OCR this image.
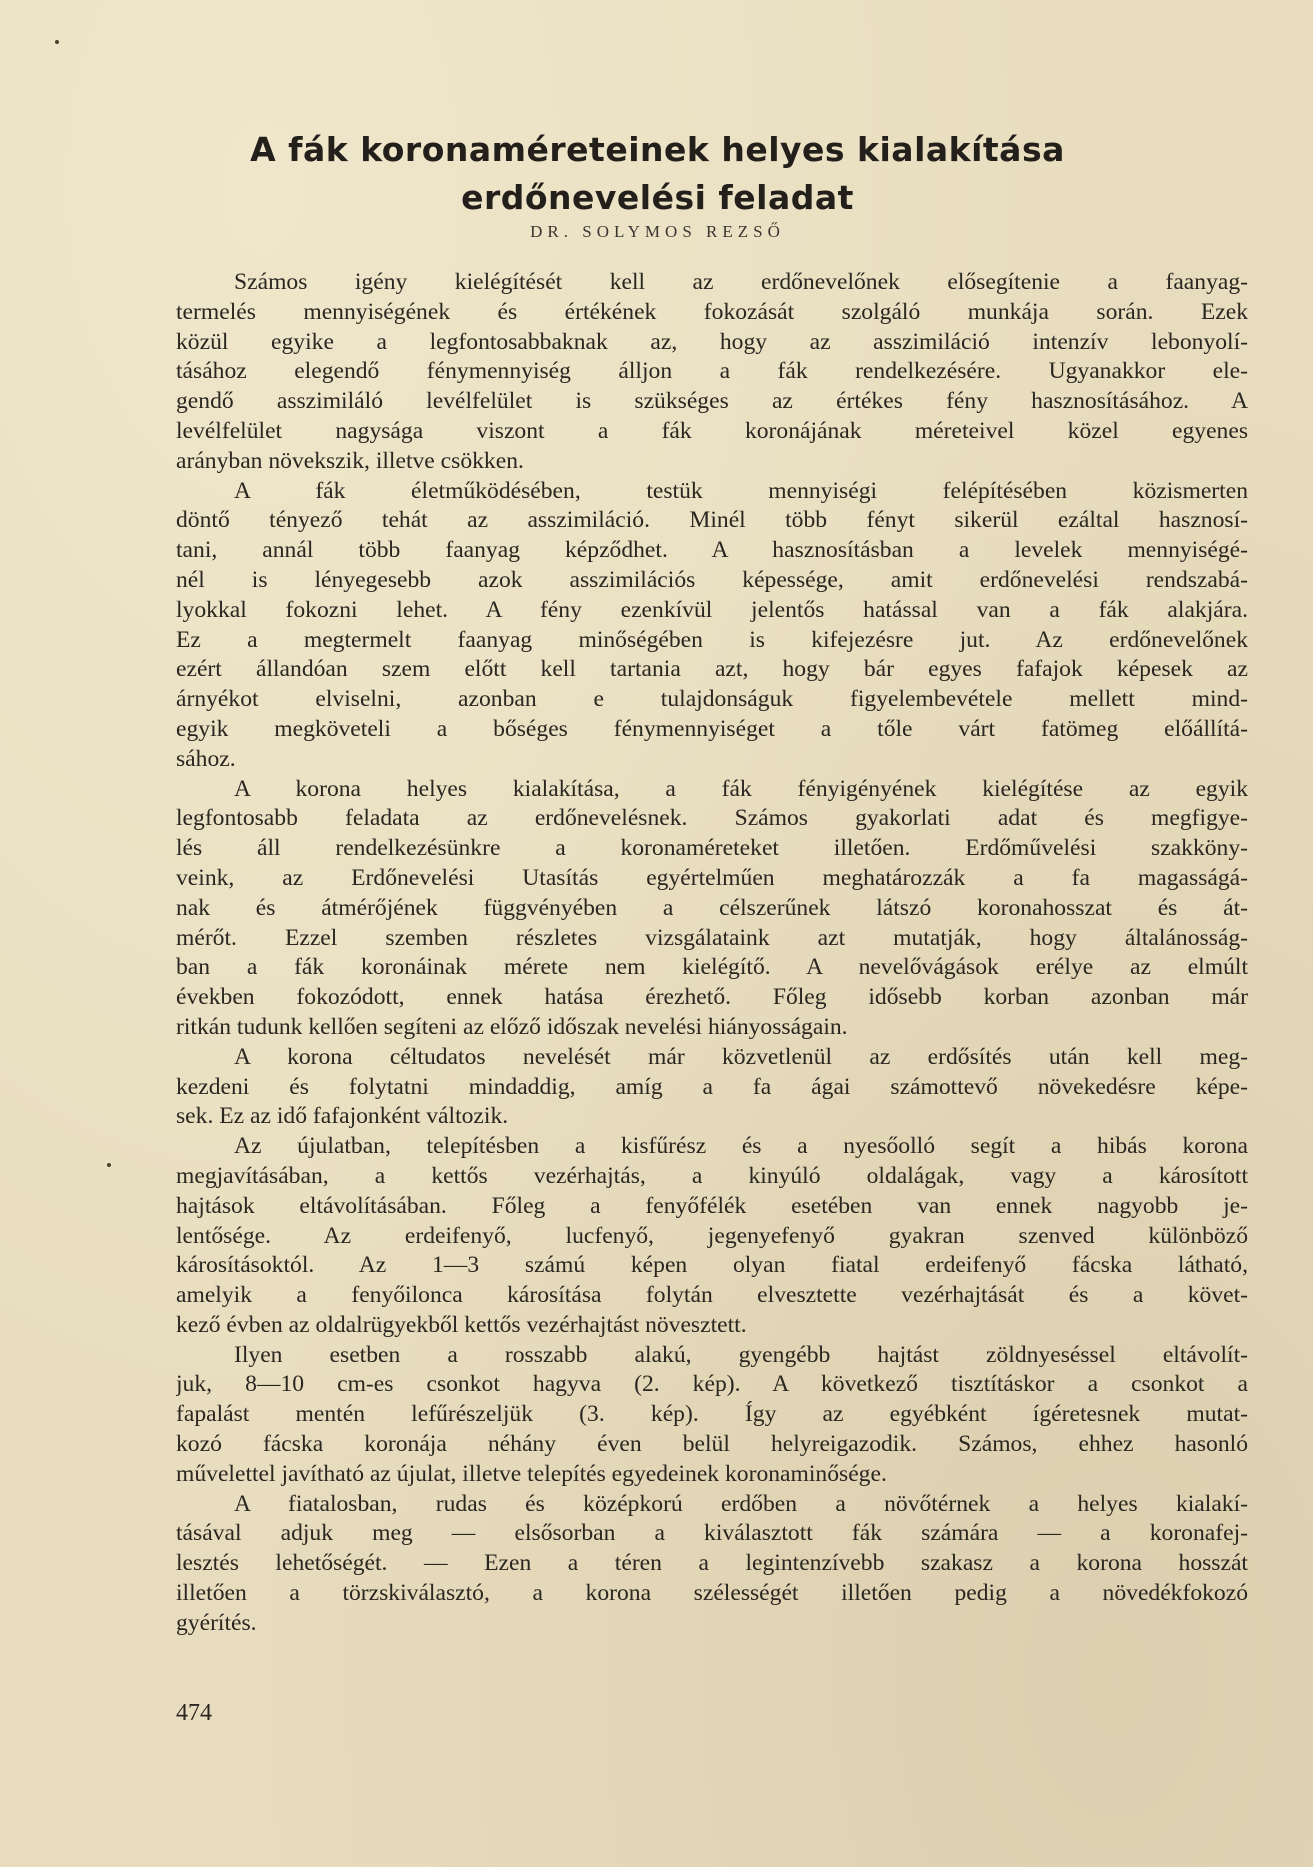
A fák koronaméreteinek helyes kialakítása
erdőnevelési feladat
DR. SOLYMOS REZSŐ
Számos igény kielégítését kell az erdőnevelőnek elősegítenie a faanyag-
termelés mennyiségének és értékének fokozását szolgáló munkája során. Ezek
közül egyike a legfontosabbaknak az, hogy az asszimiláció intenzív lebonyolí-
tásához elegendő fénymennyiség álljon a fák rendelkezésére. Ugyanakkor ele-
gendő asszimiláló levélfelület is szükséges az értékes fény hasznosításához. A
levélfelület nagysága viszont a fák koronájának méreteivel közel egyenes
arányban növekszik, illetve csökken.
A fák életműködésében, testük mennyiségi felépítésében közismerten
döntő tényező tehát az asszimiláció. Minél több fényt sikerül ezáltal hasznosí-
tani, annál több faanyag képződhet. A hasznosításban a levelek mennyiségé-
nél is lényegesebb azok asszimilációs képessége, amit erdőnevelési rendszabá-
lyokkal fokozni lehet. A fény ezenkívül jelentős hatással van a fák alakjára.
Ez a megtermelt faanyag minőségében is kifejezésre jut. Az erdőnevelőnek
ezért állandóan szem előtt kell tartania azt, hogy bár egyes fafajok képesek az
árnyékot elviselni, azonban e tulajdonságuk figyelembevétele mellett mind-
egyik megköveteli a bőséges fénymennyiséget a tőle várt fatömeg előállítá-
sához.
A korona helyes kialakítása, a fák fényigényének kielégítése az egyik
legfontosabb feladata az erdőnevelésnek. Számos gyakorlati adat és megfigye-
lés áll rendelkezésünkre a koronaméreteket illetően. Erdőművelési szakköny-
veink, az Erdőnevelési Utasítás egyértelműen meghatározzák a fa magasságá-
nak és átmérőjének függvényében a célszerűnek látszó koronahosszat és át-
mérőt. Ezzel szemben részletes vizsgálataink azt mutatják, hogy általánosság-
ban a fák koronáinak mérete nem kielégítő. A nevelővágások erélye az elmúlt
években fokozódott, ennek hatása érezhető. Főleg idősebb korban azonban már
ritkán tudunk kellően segíteni az előző időszak nevelési hiányosságain.
A korona céltudatos nevelését már közvetlenül az erdősítés után kell meg-
kezdeni és folytatni mindaddig, amíg a fa ágai számottevő növekedésre képe-
sek. Ez az idő fafajonként változik.
Az újulatban, telepítésben a kisfűrész és a nyesőolló segít a hibás korona
megjavításában, a kettős vezérhajtás, a kinyúló oldalágak, vagy a károsított
hajtások eltávolításában. Főleg a fenyőfélék esetében van ennek nagyobb je-
lentősége. Az erdeifenyő, lucfenyő, jegenyefenyő gyakran szenved különböző
károsításoktól. Az 1—3 számú képen olyan fiatal erdeifenyő fácska látható,
amelyik a fenyőilonca károsítása folytán elvesztette vezérhajtását és a követ-
kező évben az oldalrügyekből kettős vezérhajtást növesztett.
Ilyen esetben a rosszabb alakú, gyengébb hajtást zöldnyeséssel eltávolít-
juk, 8—10 cm-es csonkot hagyva (2. kép). A következő tisztításkor a csonkot a
fapalást mentén lefűrészeljük (3. kép). Így az egyébként ígéretesnek mutat-
kozó fácska koronája néhány éven belül helyreigazodik. Számos, ehhez hasonló
művelettel javítható az újulat, illetve telepítés egyedeinek koronaminősége.
A fiatalosban, rudas és középkorú erdőben a növőtérnek a helyes kialakí-
tásával adjuk meg — elsősorban a kiválasztott fák számára — a koronafej-
lesztés lehetőségét. — Ezen a téren a legintenzívebb szakasz a korona hosszát
illetően a törzskiválasztó, a korona szélességét illetően pedig a növedékfokozó
gyérítés.
474
